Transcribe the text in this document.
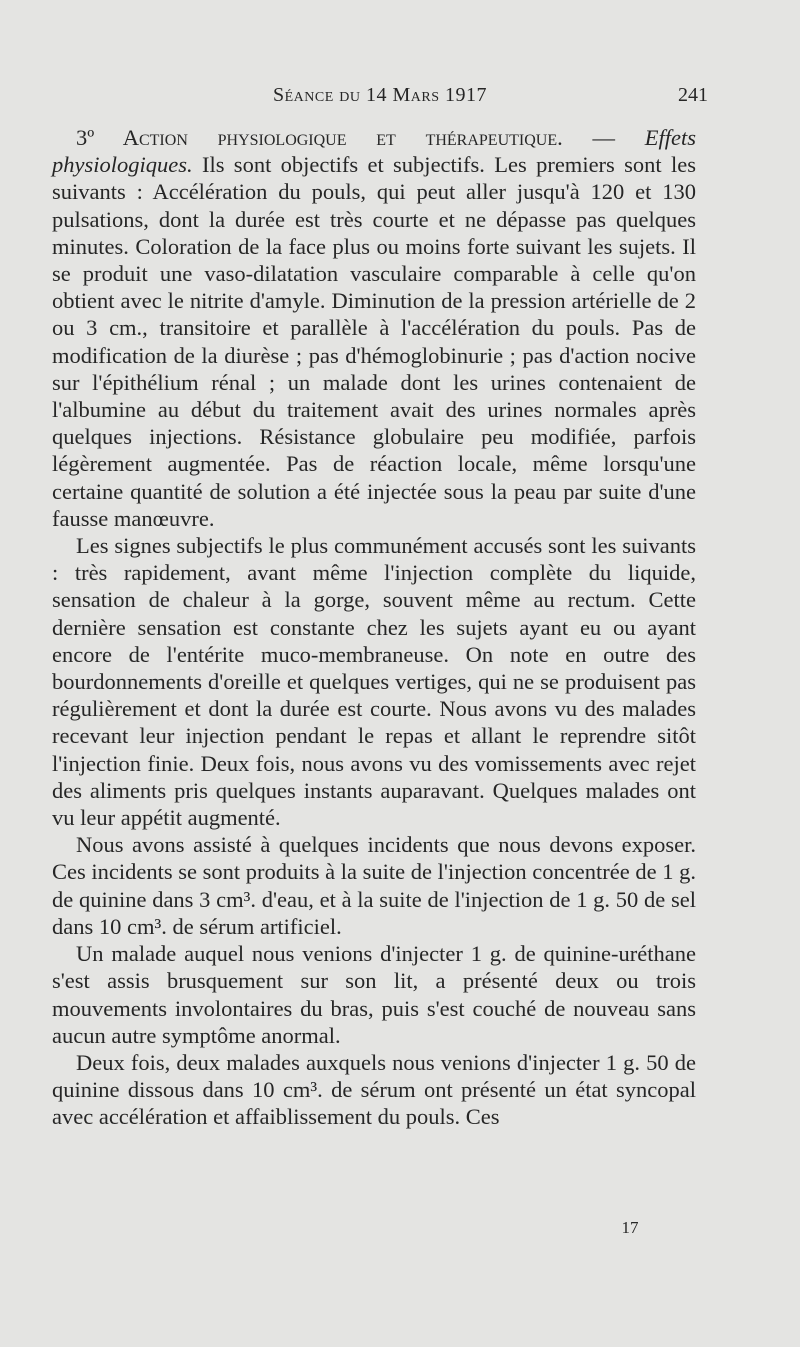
Séance du 14 Mars 1917	241

3º Action physiologique et thérapeutique. — Effets physiologiques. Ils sont objectifs et subjectifs. Les premiers sont les suivants : Accélération du pouls, qui peut aller jusqu'à 120 et 130 pulsations, dont la durée est très courte et ne dépasse pas quelques minutes. Coloration de la face plus ou moins forte suivant les sujets. Il se produit une vaso-dilatation vasculaire comparable à celle qu'on obtient avec le nitrite d'amyle. Diminution de la pression artérielle de 2 ou 3 cm., transitoire et parallèle à l'accélération du pouls. Pas de modification de la diurèse ; pas d'hémoglobinurie ; pas d'action nocive sur l'épithélium rénal ; un malade dont les urines contenaient de l'albumine au début du traitement avait des urines normales après quelques injections. Résistance globulaire peu modifiée, parfois légèrement augmentée. Pas de réaction locale, même lorsqu'une certaine quantité de solution a été injectée sous la peau par suite d'une fausse manœuvre.

Les signes subjectifs le plus communément accusés sont les suivants : très rapidement, avant même l'injection complète du liquide, sensation de chaleur à la gorge, souvent même au rectum. Cette dernière sensation est constante chez les sujets ayant eu ou ayant encore de l'entérite muco-membraneuse. On note en outre des bourdonnements d'oreille et quelques vertiges, qui ne se produisent pas régulièrement et dont la durée est courte. Nous avons vu des malades recevant leur injection pendant le repas et allant le reprendre sitôt l'injection finie. Deux fois, nous avons vu des vomissements avec rejet des aliments pris quelques instants auparavant. Quelques malades ont vu leur appétit augmenté.

Nous avons assisté à quelques incidents que nous devons exposer. Ces incidents se sont produits à la suite de l'injection concentrée de 1 g. de quinine dans 3 cm³. d'eau, et à la suite de l'injection de 1 g. 50 de sel dans 10 cm³. de sérum artificiel.

Un malade auquel nous venions d'injecter 1 g. de quinine-uréthane s'est assis brusquement sur son lit, a présenté deux ou trois mouvements involontaires du bras, puis s'est couché de nouveau sans aucun autre symptôme anormal.

Deux fois, deux malades auxquels nous venions d'injecter 1 g. 50 de quinine dissous dans 10 cm³. de sérum ont présenté un état syncopal avec accélération et affaiblissement du pouls. Ces

17
